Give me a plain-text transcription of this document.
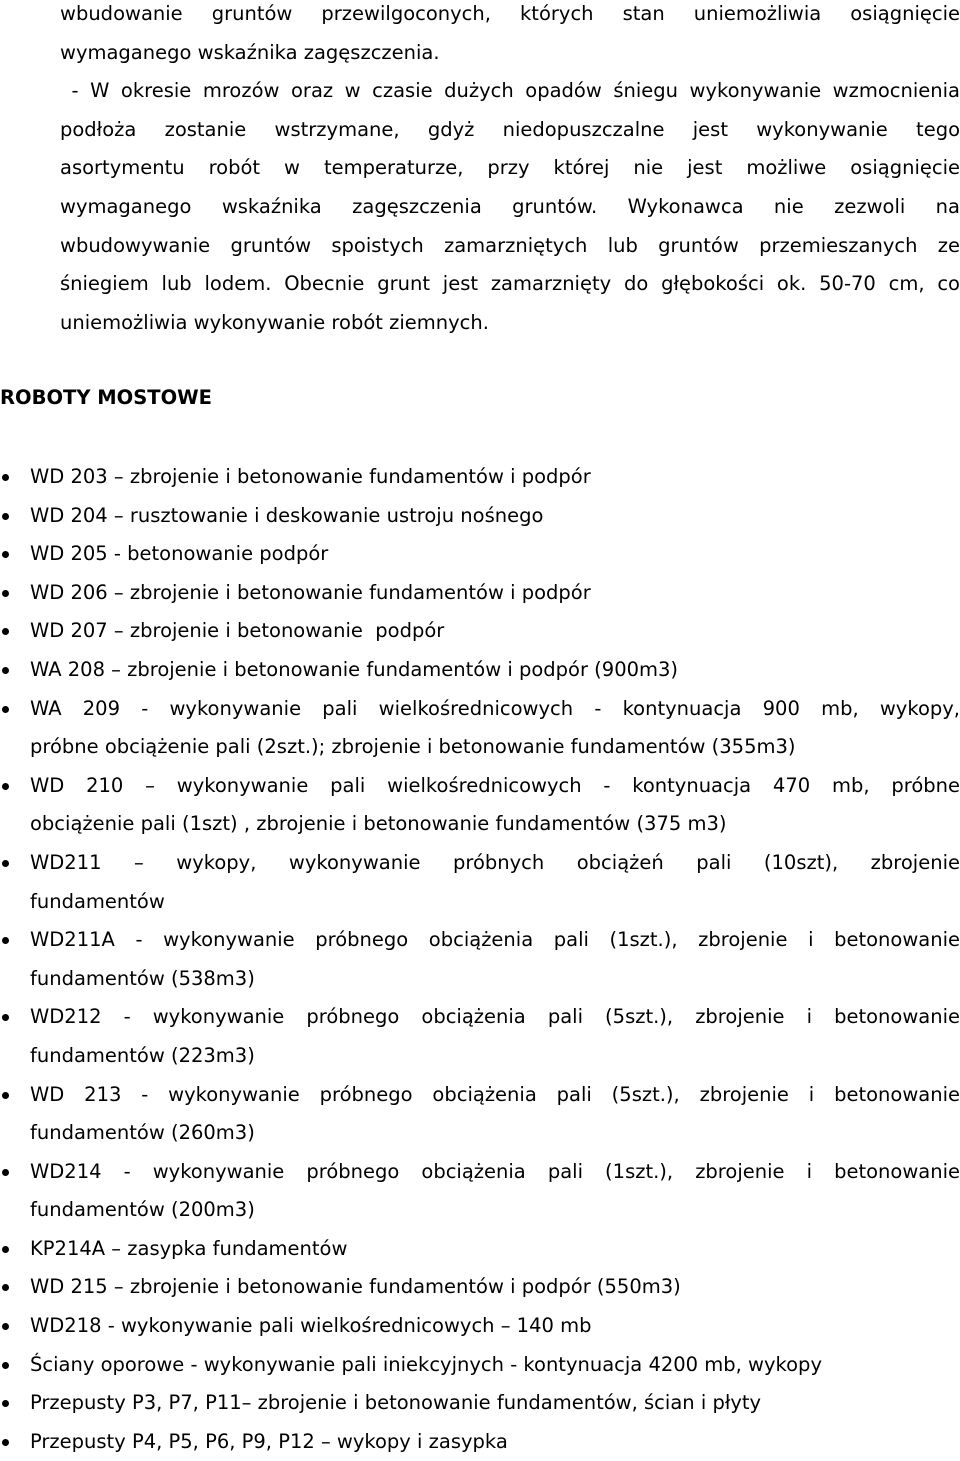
wbudowanie gruntów przewilgoconych, których stan uniemożliwia osiągnięcie
wymaganego wskaźnika zagęszczenia.
- W okresie mrozów oraz w czasie dużych opadów śniegu wykonywanie wzmocnienia
podłoża zostanie wstrzymane, gdyż niedopuszczalne jest wykonywanie tego
asortymentu robót w temperaturze, przy której nie jest możliwe osiągnięcie
wymaganego wskaźnika zagęszczenia gruntów. Wykonawca nie zezwoli na
wbudowywanie gruntów spoistych zamarzniętych lub gruntów przemieszanych ze
śniegiem lub lodem. Obecnie grunt jest zamarznięty do głębokości ok. 50-70 cm, co
uniemożliwia wykonywanie robót ziemnych.
ROBOTY MOSTOWE
WD 203 – zbrojenie i betonowanie fundamentów i podpór
WD 204 – rusztowanie i deskowanie ustroju nośnego
WD 205 - betonowanie podpór
WD 206 – zbrojenie i betonowanie fundamentów i podpór
WD 207 – zbrojenie i betonowanie  podpór
WA 208 – zbrojenie i betonowanie fundamentów i podpór (900m3)
WA 209 - wykonywanie pali wielkośrednicowych - kontynuacja 900 mb, wykopy,
próbne obciążenie pali (2szt.); zbrojenie i betonowanie fundamentów (355m3)
WD 210 – wykonywanie pali wielkośrednicowych - kontynuacja 470 mb, próbne
obciążenie pali (1szt) , zbrojenie i betonowanie fundamentów (375 m3)
WD211 – wykopy, wykonywanie próbnych obciążeń pali (10szt), zbrojenie
fundamentów
WD211A - wykonywanie próbnego obciążenia pali (1szt.), zbrojenie i betonowanie
fundamentów (538m3)
WD212 - wykonywanie próbnego obciążenia pali (5szt.), zbrojenie i betonowanie
fundamentów (223m3)
WD 213 - wykonywanie próbnego obciążenia pali (5szt.), zbrojenie i betonowanie
fundamentów (260m3)
WD214 - wykonywanie próbnego obciążenia pali (1szt.), zbrojenie i betonowanie
fundamentów (200m3)
KP214A – zasypka fundamentów
WD 215 – zbrojenie i betonowanie fundamentów i podpór (550m3)
WD218 - wykonywanie pali wielkośrednicowych – 140 mb
Ściany oporowe - wykonywanie pali iniekcyjnych - kontynuacja 4200 mb, wykopy
Przepusty P3, P7, P11– zbrojenie i betonowanie fundamentów, ścian i płyty
Przepusty P4, P5, P6, P9, P12 – wykopy i zasypka
